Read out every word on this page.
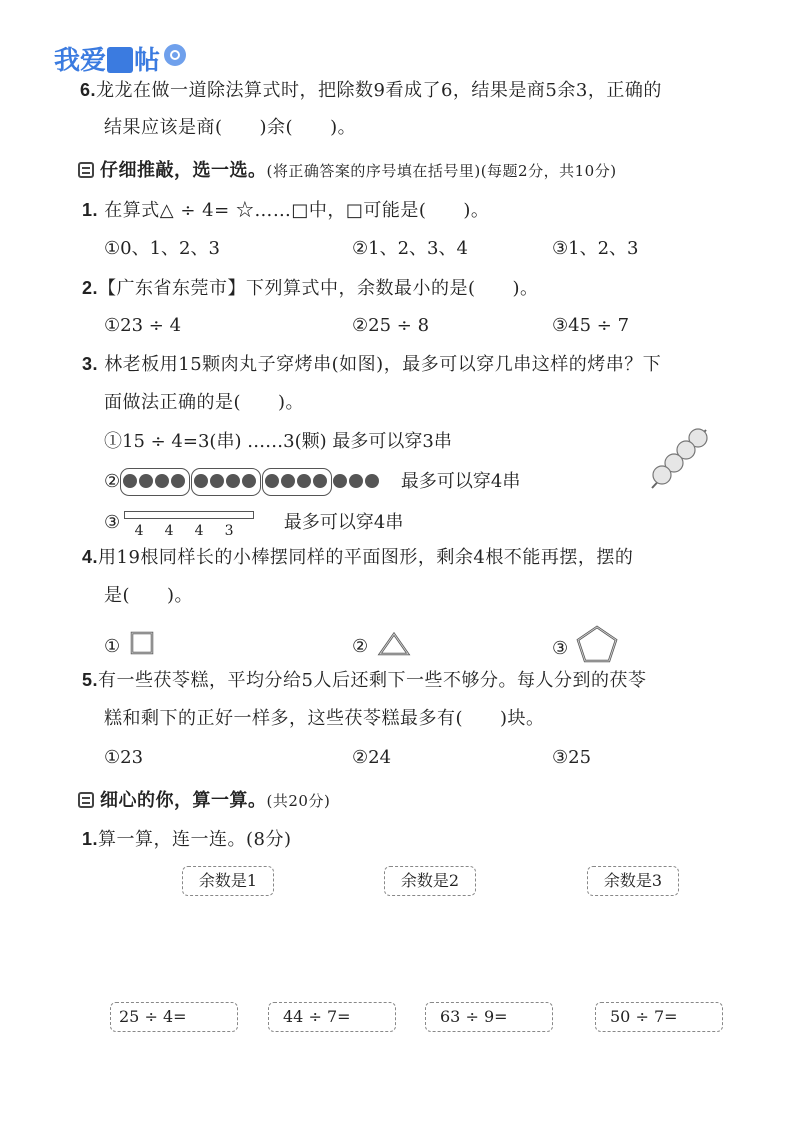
我爱 帖
6.龙龙在做一道除法算式时，把除数9看成了6，结果是商5余3，正确的
结果应该是商(　　)余(　　)。
仔细推敲，选一选。(将正确答案的序号填在括号里)(每题2分，共10分)
1. 在算式△ ÷ 4= ☆……□中，□可能是(　　)。
①0、1、2、3	②1、2、3、4	③1、2、3
2.【广东省东莞市】下列算式中，余数最小的是(　　)。
①23 ÷ 4	②25 ÷ 8	③45 ÷ 7
3. 林老板用15颗肉丸子穿烤串(如图)，最多可以穿几串这样的烤串？下
面做法正确的是(　　)。
①15 ÷ 4=3(串) ……3(颗) 最多可以穿3串
②	最多可以穿4串
③	4	4	4	3	最多可以穿4串
4.用19根同样长的小棒摆同样的平面图形，剩余4根不能再摆，摆的
是(　　)。
①	②	③
5.有一些茯苓糕，平均分给5人后还剩下一些不够分。每人分到的茯苓
糕和剩下的正好一样多，这些茯苓糕最多有(　　)块。
①23	②24	③25
细心的你，算一算。(共20分)
1.算一算，连一连。(8分)
余数是1	余数是2	余数是3
25 ÷ 4=	44 ÷ 7=	63 ÷ 9=	50 ÷ 7=
